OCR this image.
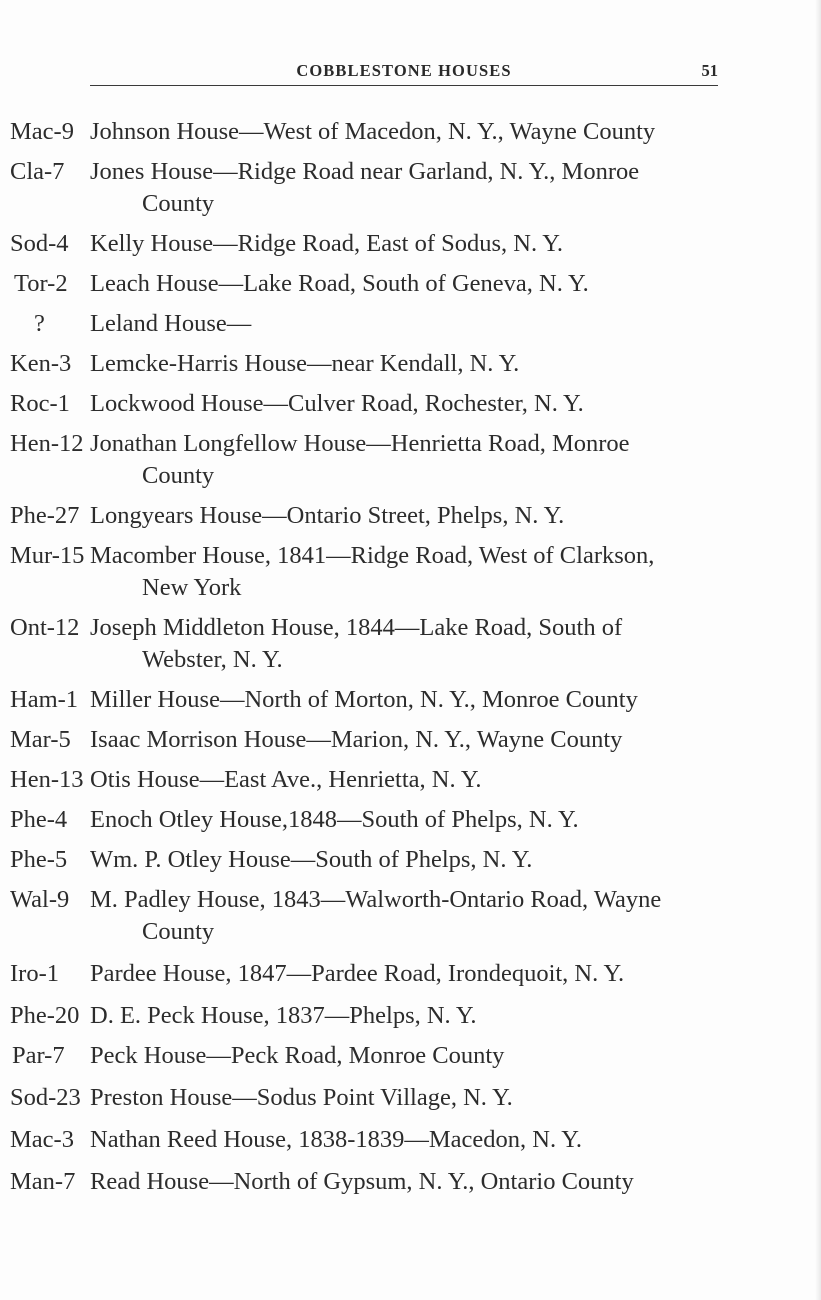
COBBLESTONE HOUSES	51
Mac-9 Johnson House—West of Macedon, N. Y., Wayne County
Cla-7	Jones House—Ridge Road near Garland, N. Y., Monroe
County
Sod-4 Kelly House—Ridge Road, East of Sodus, N. Y.
Tor-2 Leach House—Lake Road, South of Geneva, N. Y.
?	Leland House—
Ken-3 Lemcke-Harris House—near Kendall, N. Y.
Roc-1 Lockwood House—Culver Road, Rochester, N. Y.
Hen-12 Jonathan Longfellow House—Henrietta Road, Monroe
County
Phe-27 Longyears House—Ontario Street, Phelps, N. Y.
Mur-15 Macomber House, 1841—Ridge Road, West of Clarkson,
New York
Ont-12 Joseph Middleton House, 1844—Lake Road, South of
Webster, N. Y.
Ham-1 Miller House—North of Morton, N. Y., Monroe County
Mar-5 Isaac Morrison House—Marion, N. Y., Wayne County
Hen-13 Otis House—East Ave., Henrietta, N. Y.
Phe-4 Enoch Otley House,1848—South of Phelps, N. Y.
Phe-5 Wm. P. Otley House—South of Phelps, N. Y.
Wal-9 M. Padley House, 1843—Walworth-Ontario Road, Wayne
County
Iro-1	Pardee House, 1847—Pardee Road, Irondequoit, N. Y.
Phe-20 D. E. Peck House, 1837—Phelps, N. Y.
Par-7	Peck House—Peck Road, Monroe County
Sod-23 Preston House—Sodus Point Village, N. Y.
Mac-3 Nathan Reed House, 1838-1839—Macedon, N. Y.
Man-7 Read House—North of Gypsum, N. Y., Ontario County
